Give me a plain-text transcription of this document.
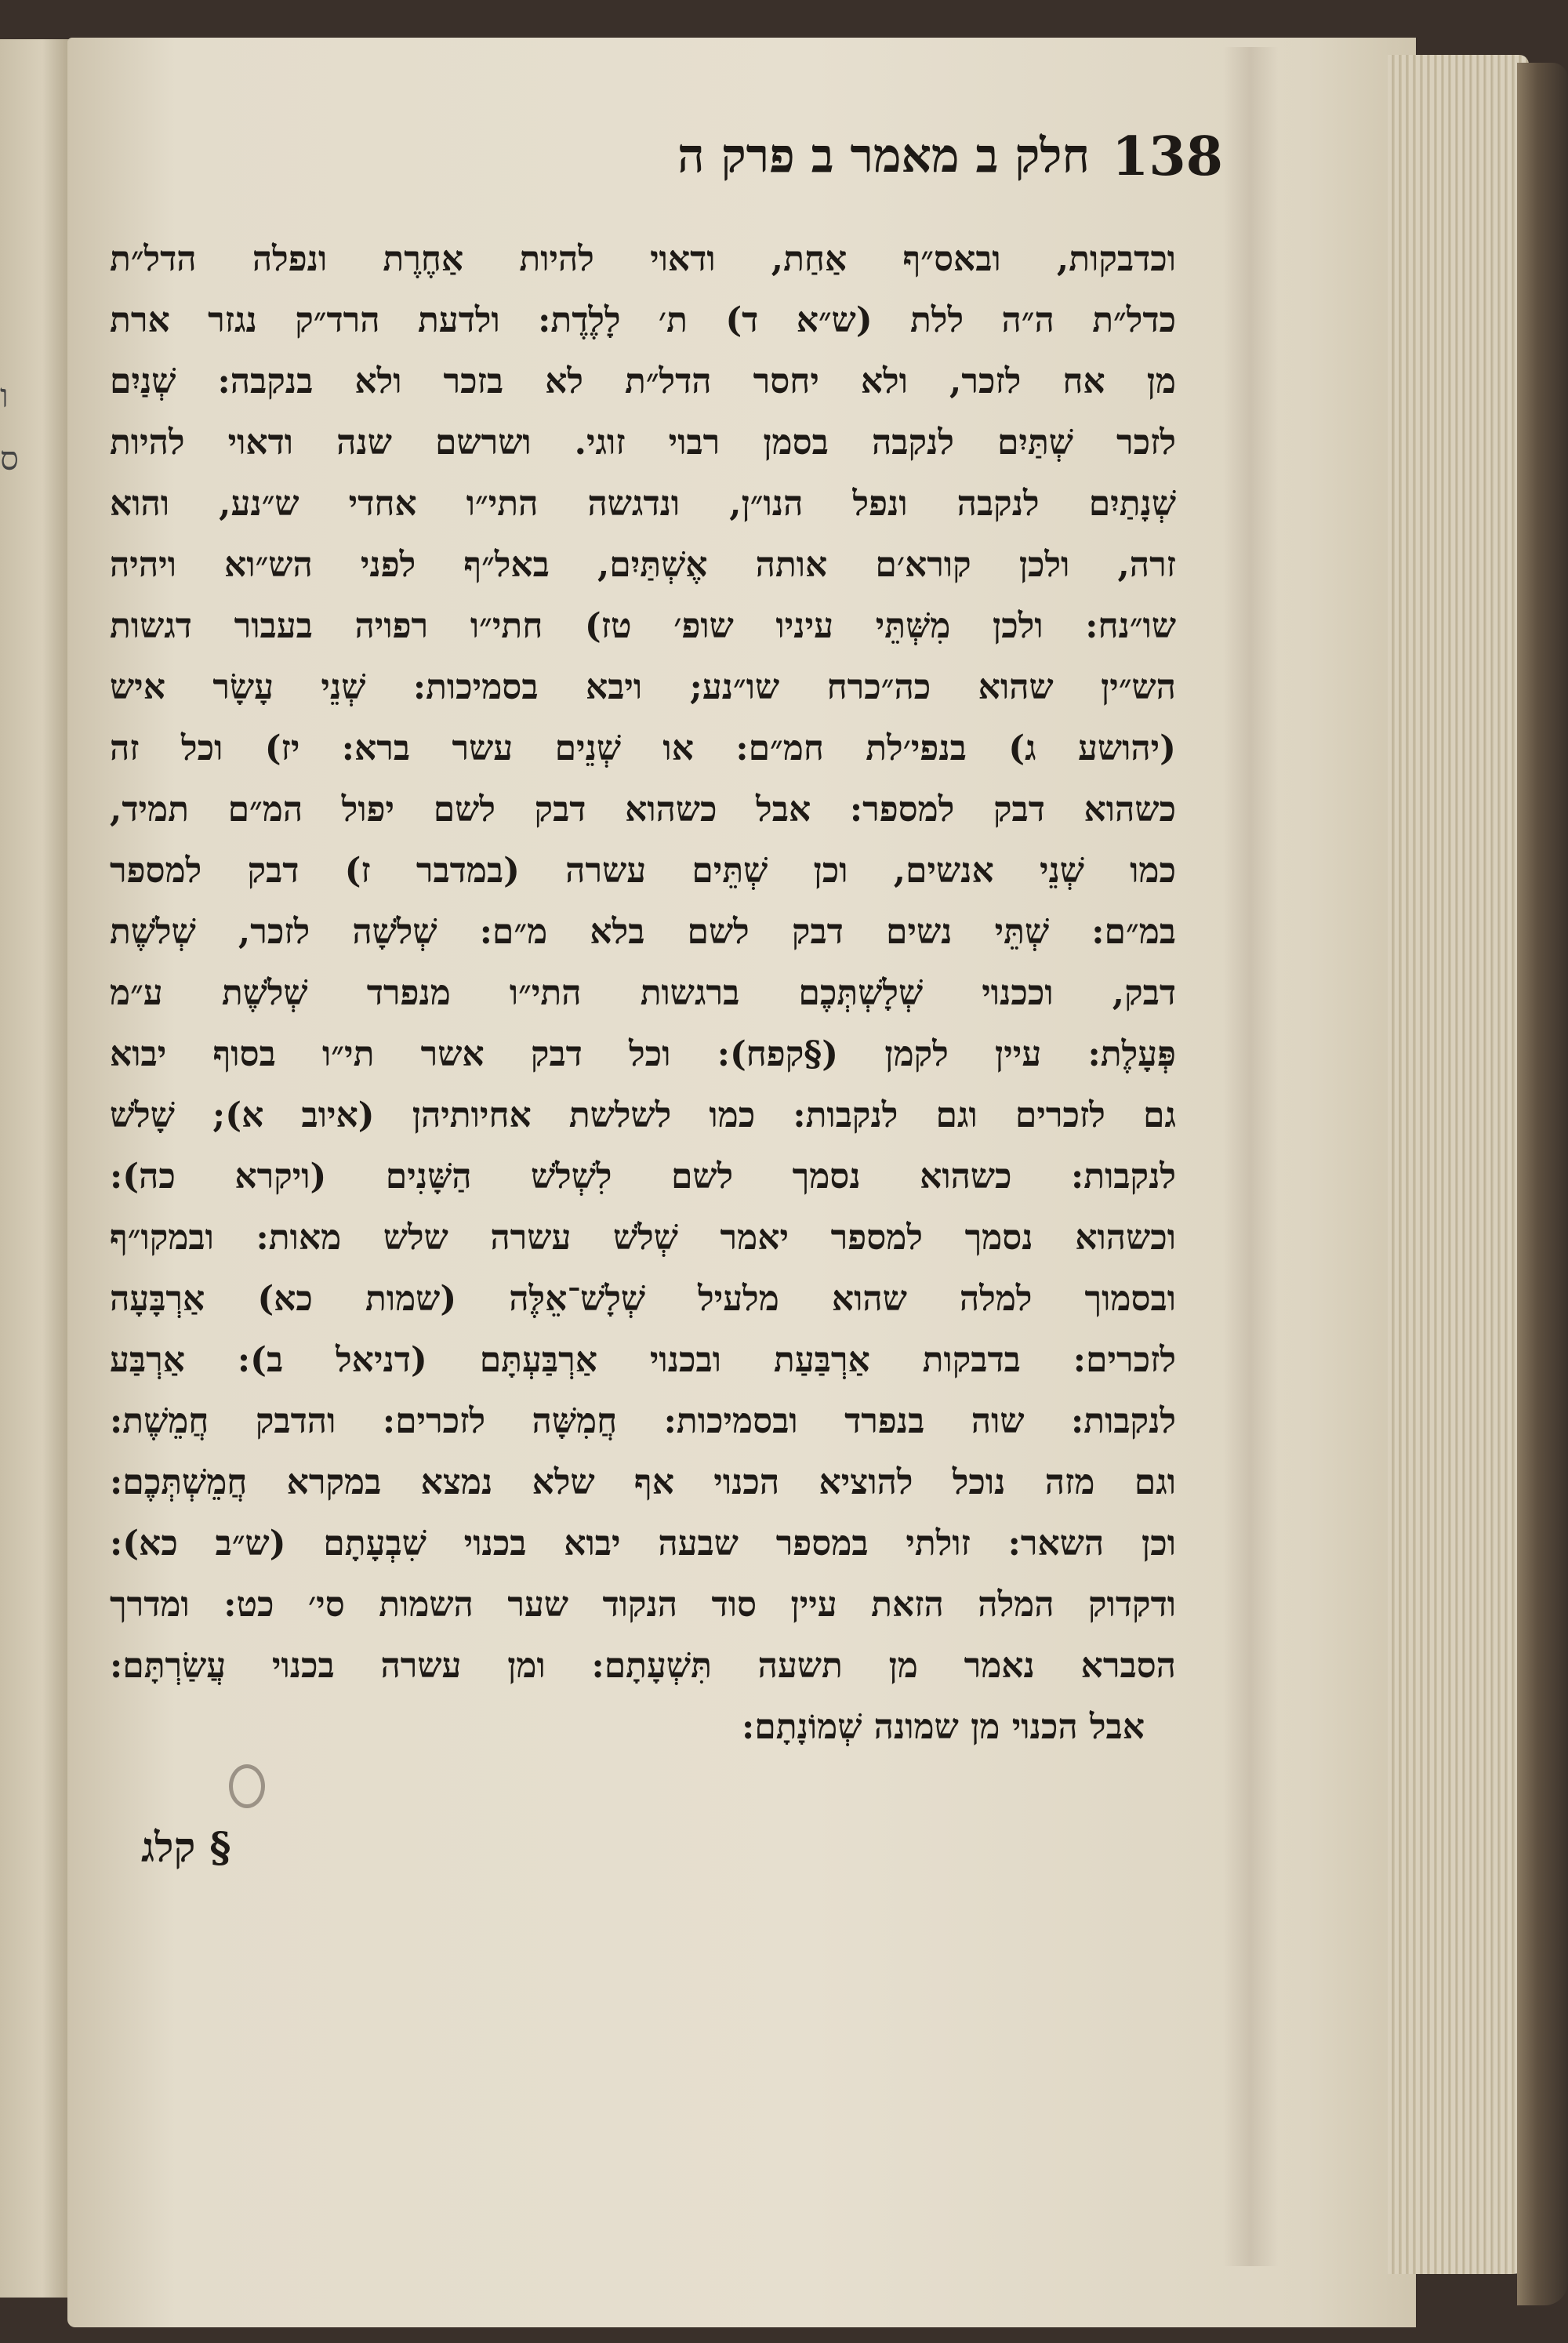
ו
ס
138
חלק ב מאמר ב פרק ה
וכדבקות, ובאס״ף אַחַת, ודאוי להיות אַחֶרֶת ונפלה הדל״ת
כדל״ת ה״ה ללת (ש״א ד) ת׳ לָלֶדֶת: ולדעת הרד״ק נגזר ארת
מן אח לזכר, ולא יחסר הדל״ת לא בזכר ולא בנקבה: שְׁנַיִם
לזכר שְׁתַּיִם לנקבה בסמן רבוי זוגי. ושרשם שנה ודאוי להיות
שְׁנָתַיִם לנקבה ונפל הנו״ן, ונדגשה התי״ו אחדי ש״נע, והוא
זרה, ולכן קורא׳ם אותה אֶשְׁתַּיִם, באל״ף לפני הש״וא ויהיה
שו״נח: ולכן מִשְּׁתֵּי עיניו שופ׳ טז) חתי״ו רפויה בעבור דגשות
הש״ין שהוא כה״כרח שו״נע; ויבא בסמיכות: שְׁנֵי עָשָׂר איש
(יהושע ג) בנפי׳לת חמ״ם: או שְׁנֵים עשר ברא: יז) וכל זה
כשהוא דבק למספר: אבל כשהוא דבק לשם יפול המ״ם תמיד,
כמו שְׁנֵי אנשים, וכן שְׁתֵּים עשרה (במדבר ז) דבק למספר
במ״ם: שְׁתֵּי נשים דבק לשם בלא מ״ם: שְׁלֹשָׁה לזכר, שְׁלֹשֶׁת
דבק, וככנוי שְׁלָשְׁתְּכֶם ברגשות התי״ו מנפרד שְׁלֹשֶׁת ע״מ
פְּעָלֶת: עיין לקמן (§קפח): וכל דבק אשר תי״ו בסוף יבוא
גם לזכרים וגם לנקבות: כמו לשלשת אחיותיהן (איוב א); שָׁלֹשׁ
לנקבות: כשהוא נסמך לשם לִשְׁלֹשׁ הַשָּׁנִים (ויקרא כה):
וכשהוא נסמך למספר יאמר שְׁלֹשׁ עשרה שלש מאות: ובמקו״ף
ובסמוך למלה שהוא מלעיל שְׁלָשׁ־אֵלֶּה (שמות כא) אַרְבָּעָה
לזכרים: בדבקות אַרְבַּעַת ובכנוי אַרְבַּעְתָּם (דניאל ב): אַרְבַּע
לנקבות: שוה בנפרד ובסמיכות: חֲמִשָּׁה לזכרים: והדבק חֲמֵשֶׁת:
וגם מזה נוכל להוציא הכנוי אף שלא נמצא במקרא חֲמֵשְׁתְּכֶם:
וכן השאר: זולתי במספר שבעה יבוא בכנוי שִׁבְעָתָם (ש״ב כא):
ודקדוק המלה הזאת עיין סוד הנקוד שער השמות סי׳ כט: ומדרך
הסברא נאמר מן תשעה תִּשְׁעָתָם: ומן עשרה בכנוי עֲשַׂרְתָּם:
אבל הכנוי מן שמונה שְׁמוֹנָתָם:
§ קלג
